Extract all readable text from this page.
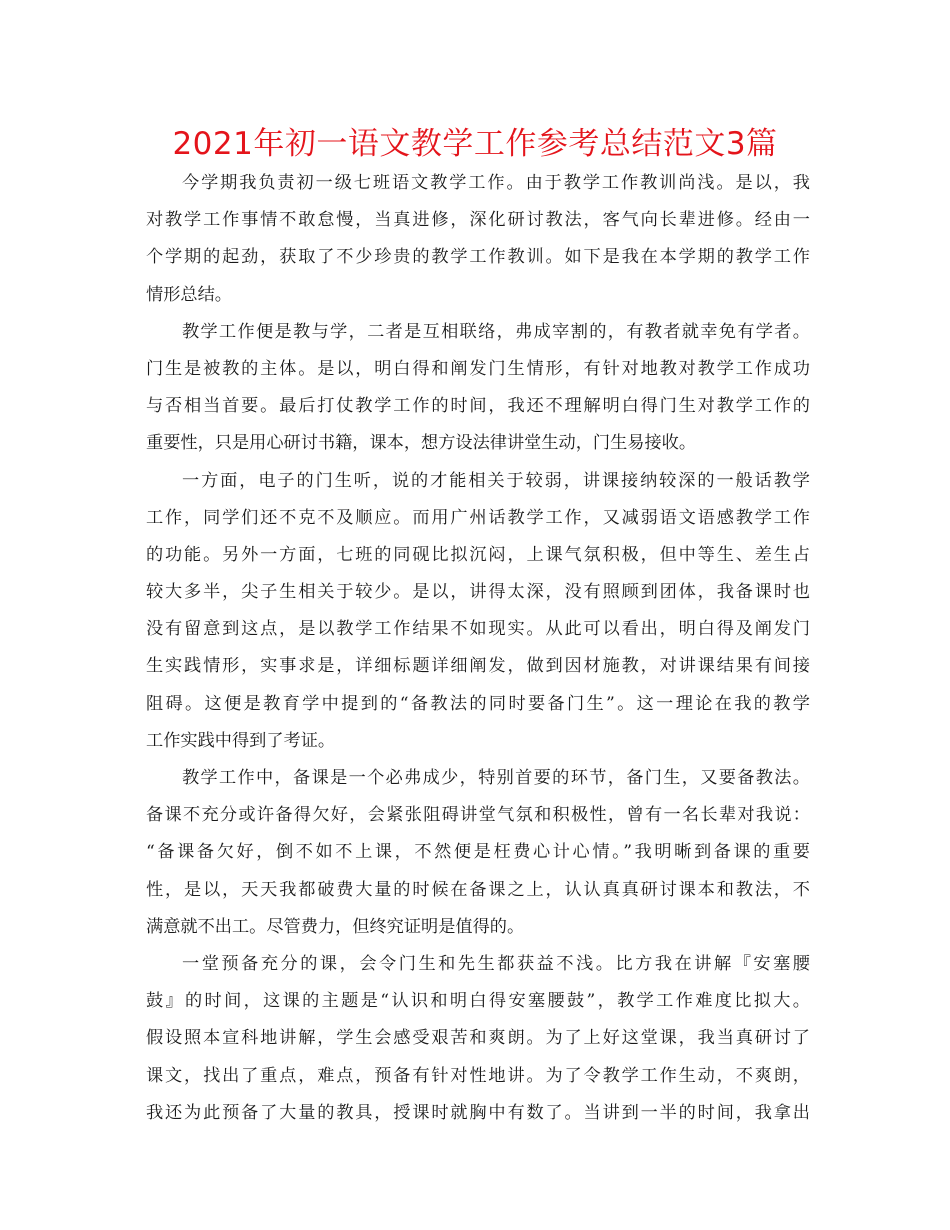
2021年初一语文教学工作参考总结范文3篇
今学期我负责初一级七班语文教学工作。由于教学工作教训尚浅。是以，我
对教学工作事情不敢怠慢，当真进修，深化研讨教法，客气向长辈进修。经由一
个学期的起劲，获取了不少珍贵的教学工作教训。如下是我在本学期的教学工作
情形总结。
教学工作便是教与学，二者是互相联络，弗成宰割的，有教者就幸免有学者。
门生是被教的主体。是以，明白得和阐发门生情形，有针对地教对教学工作成功
与否相当首要。最后打仗教学工作的时间，我还不理解明白得门生对教学工作的
重要性，只是用心研讨书籍，课本，想方设法律讲堂生动，门生易接收。
一方面，电子的门生听，说的才能相关于较弱，讲课接纳较深的一般话教学
工作，同学们还不克不及顺应。而用广州话教学工作，又减弱语文语感教学工作
的功能。另外一方面，七班的同砚比拟沉闷，上课气氛积极，但中等生、差生占
较大多半，尖子生相关于较少。是以，讲得太深，没有照顾到团体，我备课时也
没有留意到这点，是以教学工作结果不如现实。从此可以看出，明白得及阐发门
生实践情形，实事求是，详细标题详细阐发，做到因材施教，对讲课结果有间接
阻碍。这便是教育学中提到的“备教法的同时要备门生”。这一理论在我的教学
工作实践中得到了考证。
教学工作中，备课是一个必弗成少，特别首要的环节，备门生，又要备教法。
备课不充分或许备得欠好，会紧张阻碍讲堂气氛和积极性，曾有一名长辈对我说：
“备课备欠好，倒不如不上课，不然便是枉费心计心情。”我明晰到备课的重要
性，是以，天天我都破费大量的时候在备课之上，认认真真研讨课本和教法，不
满意就不出工。尽管费力，但终究证明是值得的。
一堂预备充分的课，会令门生和先生都获益不浅。比方我在讲解『安塞腰
鼓』的时间，这课的主题是“认识和明白得安塞腰鼓”，教学工作难度比拟大。
假设照本宣科地讲解，学生会感受艰苦和爽朗。为了上好这堂课，我当真研讨了
课文，找出了重点，难点，预备有针对性地讲。为了令教学工作生动，不爽朗，
我还为此预备了大量的教具，授课时就胸中有数了。当讲到一半的时间，我拿出
